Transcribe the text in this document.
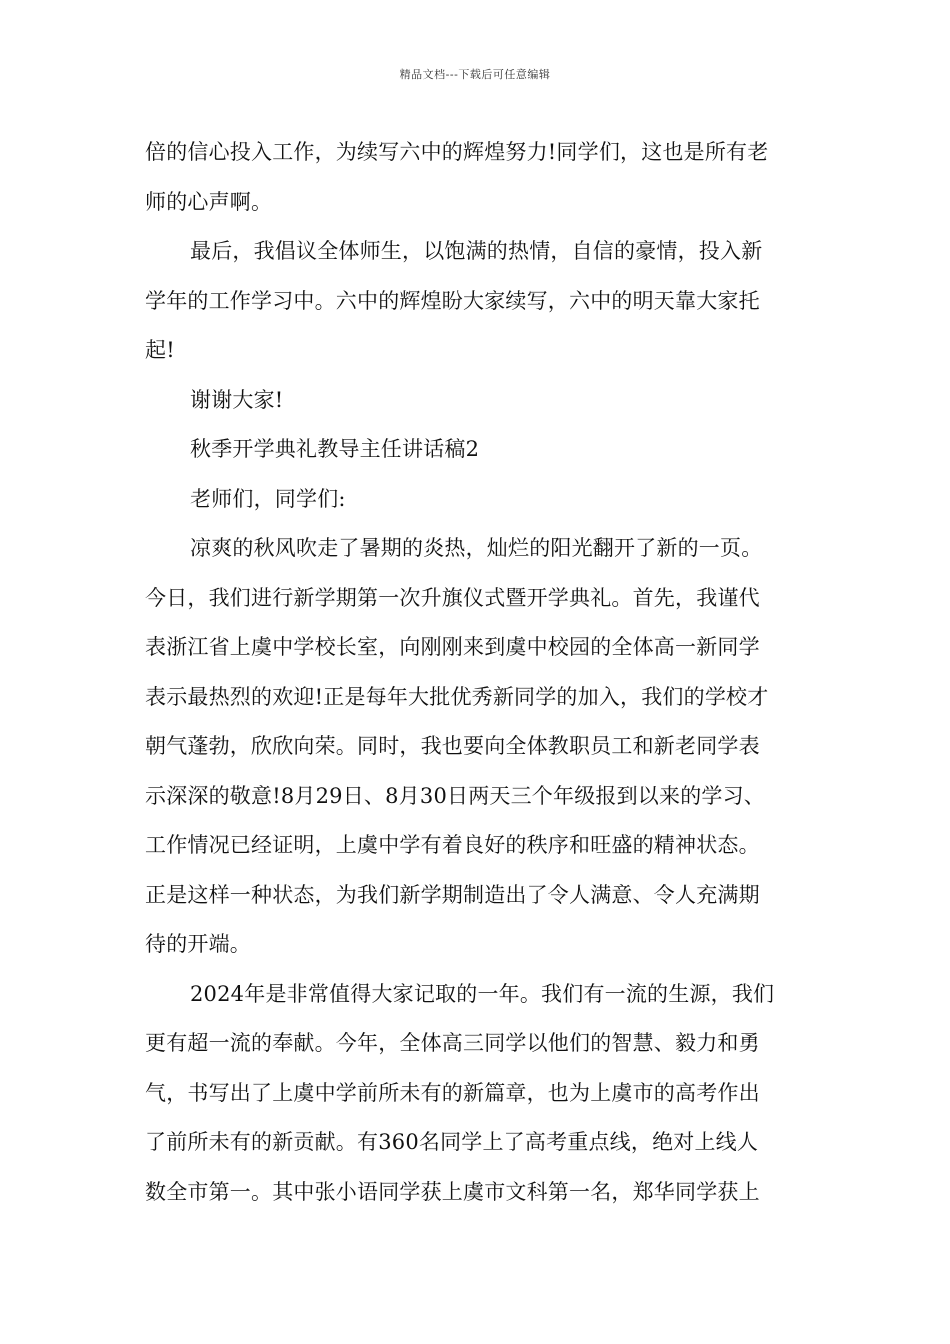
精品文档---下载后可任意编辑
倍的信心投入工作，为续写六中的辉煌努力!同学们，这也是所有老
师的心声啊。
最后，我倡议全体师生，以饱满的热情，自信的豪情，投入新
学年的工作学习中。六中的辉煌盼大家续写，六中的明天靠大家托
起!
谢谢大家!
秋季开学典礼教导主任讲话稿2
老师们，同学们:
凉爽的秋风吹走了暑期的炎热，灿烂的阳光翻开了新的一页。
今日，我们进行新学期第一次升旗仪式暨开学典礼。首先，我谨代
表浙江省上虞中学校长室，向刚刚来到虞中校园的全体高一新同学
表示最热烈的欢迎!正是每年大批优秀新同学的加入，我们的学校才
朝气蓬勃，欣欣向荣。同时，我也要向全体教职员工和新老同学表
示深深的敬意!8月29日、8月30日两天三个年级报到以来的学习、
工作情况已经证明，上虞中学有着良好的秩序和旺盛的精神状态。
正是这样一种状态，为我们新学期制造出了令人满意、令人充满期
待的开端。
2024年是非常值得大家记取的一年。我们有一流的生源，我们
更有超一流的奉献。今年，全体高三同学以他们的智慧、毅力和勇
气，书写出了上虞中学前所未有的新篇章，也为上虞市的高考作出
了前所未有的新贡献。有360名同学上了高考重点线，绝对上线人
数全市第一。其中张小语同学获上虞市文科第一名，郑华同学获上
